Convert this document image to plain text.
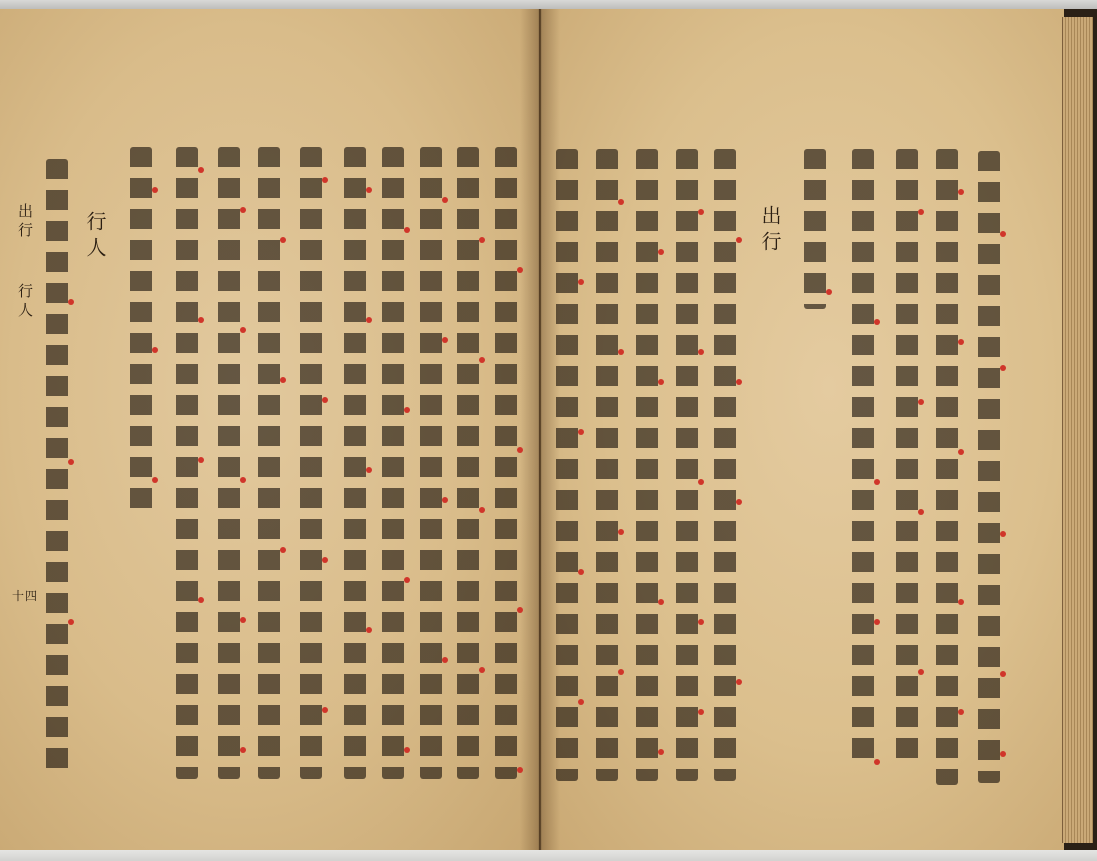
出行
行人
出行
行人
十四
